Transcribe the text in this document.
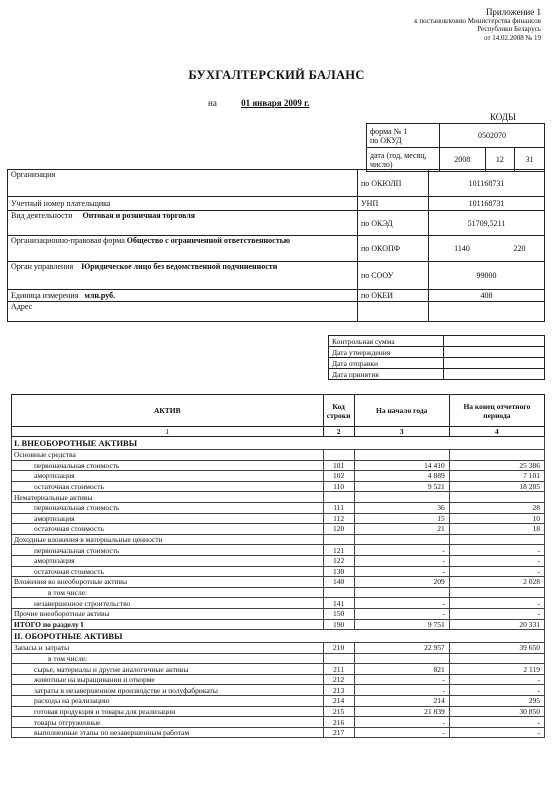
Приложение 1
к постановлению Министерства финансов
Республики Беларусь
от 14.02.2008 № 19
БУХГАЛТЕРСКИЙ БАЛАНС
на	01 января 2009 г.
КОДЫ
форма № 1
по ОКУД	0502070		
дата (год, месяц, число)	2008	12	31
Организация	по ОКЮЛП	101168731	
Учетный номер плательщика	УНП	101168731	
Вид деятельности Оптовая и розничная торговля	по ОКЭД	51709,5211	
Организационно-правовая форма Общество с ограниченной ответственностью	по ОКОПФ	1140	220
Орган управления Юридическое лицо без ведомственной подчиненности	по СООУ	99000	
Единица измерения млн.руб.	по ОКЕИ	408	
Адрес			
Контрольная сумма	
Дата утверждения	
Дата отправки	
Дата принятия	
АКТИВ	Код строки	На начало года	На конец отчетного периода
1	2	3	4
I. ВНЕОБОРОТНЫЕ АКТИВЫ			
Основные средства			
первоначальная стоимость	101	14 410	25 386
амортизация	102	4 889	7 101
остаточная стоимость	110	9 521	18 285
Нематериальные активы			
первоначальная стоимость	111	36	28
амортизация	112	15	10
остаточная стоимость	120	21	18
Доходные вложения в материальные ценности			
первоначальная стоимость	121	-	-
амортизация	122	-	-
остаточная стоимость	130	-	-
Вложения во внеоборотные активы	140	209	2 028
в том числе:			
незавершенное строительство	141	-	-
Прочие внеоборотные активы	150	-	-
ИТОГО по разделу I	190	9 751	20 331
II. ОБОРОТНЫЕ АКТИВЫ			
Запасы и затраты	210	22 957	39 650
в том числе:			
сырье, материалы и другие аналогичные активы	211	821	2 119
животные на выращивании и откорме	212	-	-
затраты в незавершенном производстве и полуфабрикаты	213	-	-
расходы на реализацию	214	214	295
готовая продукция и товары для реализации	215	21 839	30 850
товары отгруженные	216	-	-
выполненные этапы по незавершенным работам	217	-	-
